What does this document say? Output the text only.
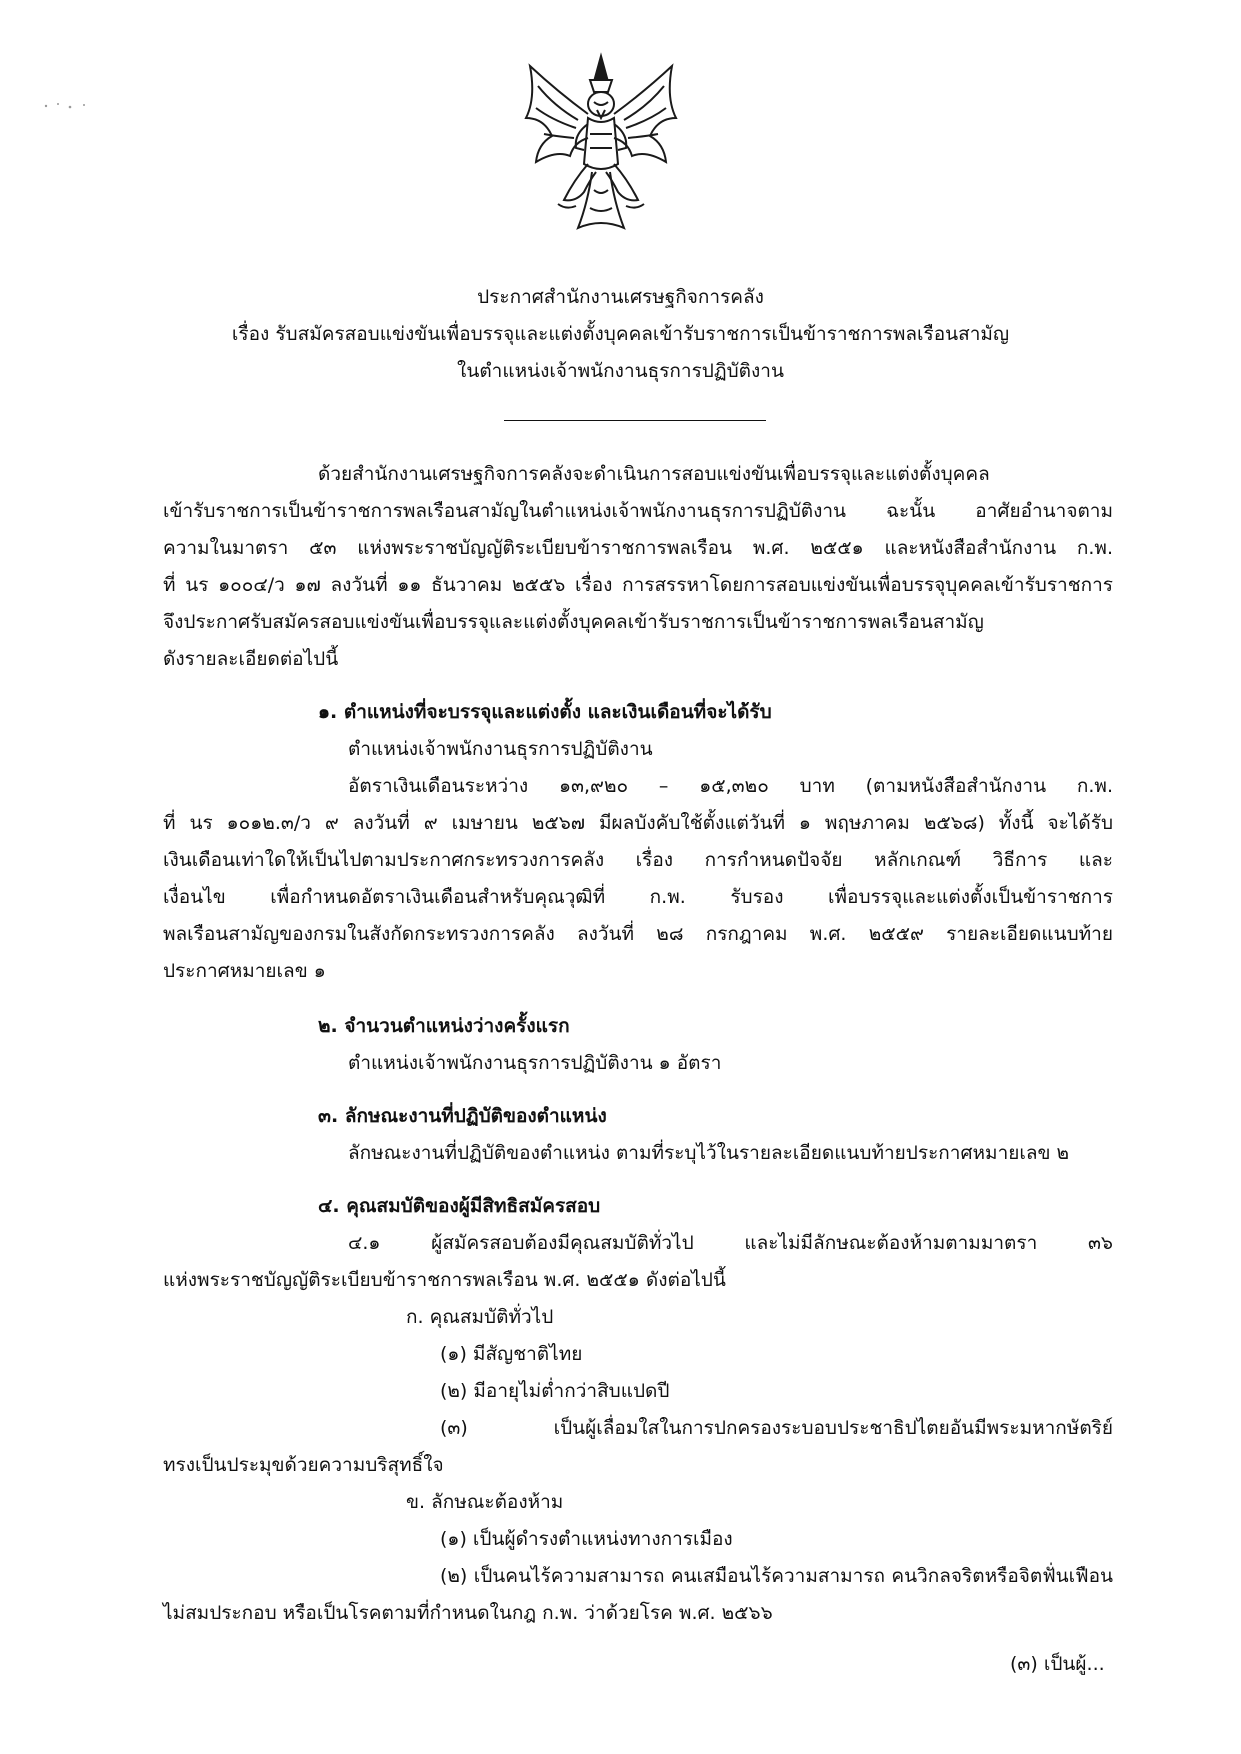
ประกาศสำนักงานเศรษฐกิจการคลัง
เรื่อง รับสมัครสอบแข่งขันเพื่อบรรจุและแต่งตั้งบุคคลเข้ารับราชการเป็นข้าราชการพลเรือนสามัญ
ในตำแหน่งเจ้าพนักงานธุรการปฏิบัติงาน
ด้วยสำนักงานเศรษฐกิจการคลังจะดำเนินการสอบแข่งขันเพื่อบรรจุและแต่งตั้งบุคคล
เข้ารับราชการเป็นข้าราชการพลเรือนสามัญในตำแหน่งเจ้าพนักงานธุรการปฏิบัติงาน ฉะนั้น อาศัยอำนาจตาม
ความในมาตรา ๕๓ แห่งพระราชบัญญัติระเบียบข้าราชการพลเรือน พ.ศ. ๒๕๕๑ และหนังสือสำนักงาน ก.พ.
ที่ นร ๑๐๐๔/ว ๑๗ ลงวันที่ ๑๑ ธันวาคม ๒๕๕๖ เรื่อง การสรรหาโดยการสอบแข่งขันเพื่อบรรจุบุคคลเข้ารับราชการ
จึงประกาศรับสมัครสอบแข่งขันเพื่อบรรจุและแต่งตั้งบุคคลเข้ารับราชการเป็นข้าราชการพลเรือนสามัญ
ดังรายละเอียดต่อไปนี้
๑. ตำแหน่งที่จะบรรจุและแต่งตั้ง และเงินเดือนที่จะได้รับ
ตำแหน่งเจ้าพนักงานธุรการปฏิบัติงาน
อัตราเงินเดือนระหว่าง ๑๓,๙๒๐ – ๑๕,๓๒๐ บาท (ตามหนังสือสำนักงาน ก.พ.
ที่ นร ๑๐๑๒.๓/ว ๙ ลงวันที่ ๙ เมษายน ๒๕๖๗ มีผลบังคับใช้ตั้งแต่วันที่ ๑ พฤษภาคม ๒๕๖๘) ทั้งนี้ จะได้รับ
เงินเดือนเท่าใดให้เป็นไปตามประกาศกระทรวงการคลัง เรื่อง การกำหนดปัจจัย หลักเกณฑ์ วิธีการ และ
เงื่อนไข เพื่อกำหนดอัตราเงินเดือนสำหรับคุณวุฒิที่ ก.พ. รับรอง เพื่อบรรจุและแต่งตั้งเป็นข้าราชการ
พลเรือนสามัญของกรมในสังกัดกระทรวงการคลัง ลงวันที่ ๒๘ กรกฎาคม พ.ศ. ๒๕๕๙ รายละเอียดแนบท้าย
ประกาศหมายเลข ๑
๒. จำนวนตำแหน่งว่างครั้งแรก
ตำแหน่งเจ้าพนักงานธุรการปฏิบัติงาน ๑ อัตรา
๓. ลักษณะงานที่ปฏิบัติของตำแหน่ง
ลักษณะงานที่ปฏิบัติของตำแหน่ง ตามที่ระบุไว้ในรายละเอียดแนบท้ายประกาศหมายเลข ๒
๔. คุณสมบัติของผู้มีสิทธิสมัครสอบ
๔.๑ ผู้สมัครสอบต้องมีคุณสมบัติทั่วไป และไม่มีลักษณะต้องห้ามตามมาตรา ๓๖
แห่งพระราชบัญญัติระเบียบข้าราชการพลเรือน พ.ศ. ๒๕๕๑ ดังต่อไปนี้
ก. คุณสมบัติทั่วไป
(๑) มีสัญชาติไทย
(๒) มีอายุไม่ต่ำกว่าสิบแปดปี
(๓) เป็นผู้เลื่อมใสในการปกครองระบอบประชาธิปไตยอันมีพระมหากษัตริย์
ทรงเป็นประมุขด้วยความบริสุทธิ์ใจ
ข. ลักษณะต้องห้าม
(๑) เป็นผู้ดำรงตำแหน่งทางการเมือง
(๒) เป็นคนไร้ความสามารถ คนเสมือนไร้ความสามารถ คนวิกลจริตหรือจิตฟั่นเฟือน
ไม่สมประกอบ หรือเป็นโรคตามที่กำหนดในกฎ ก.พ. ว่าด้วยโรค พ.ศ. ๒๕๖๖
(๓) เป็นผู้...
